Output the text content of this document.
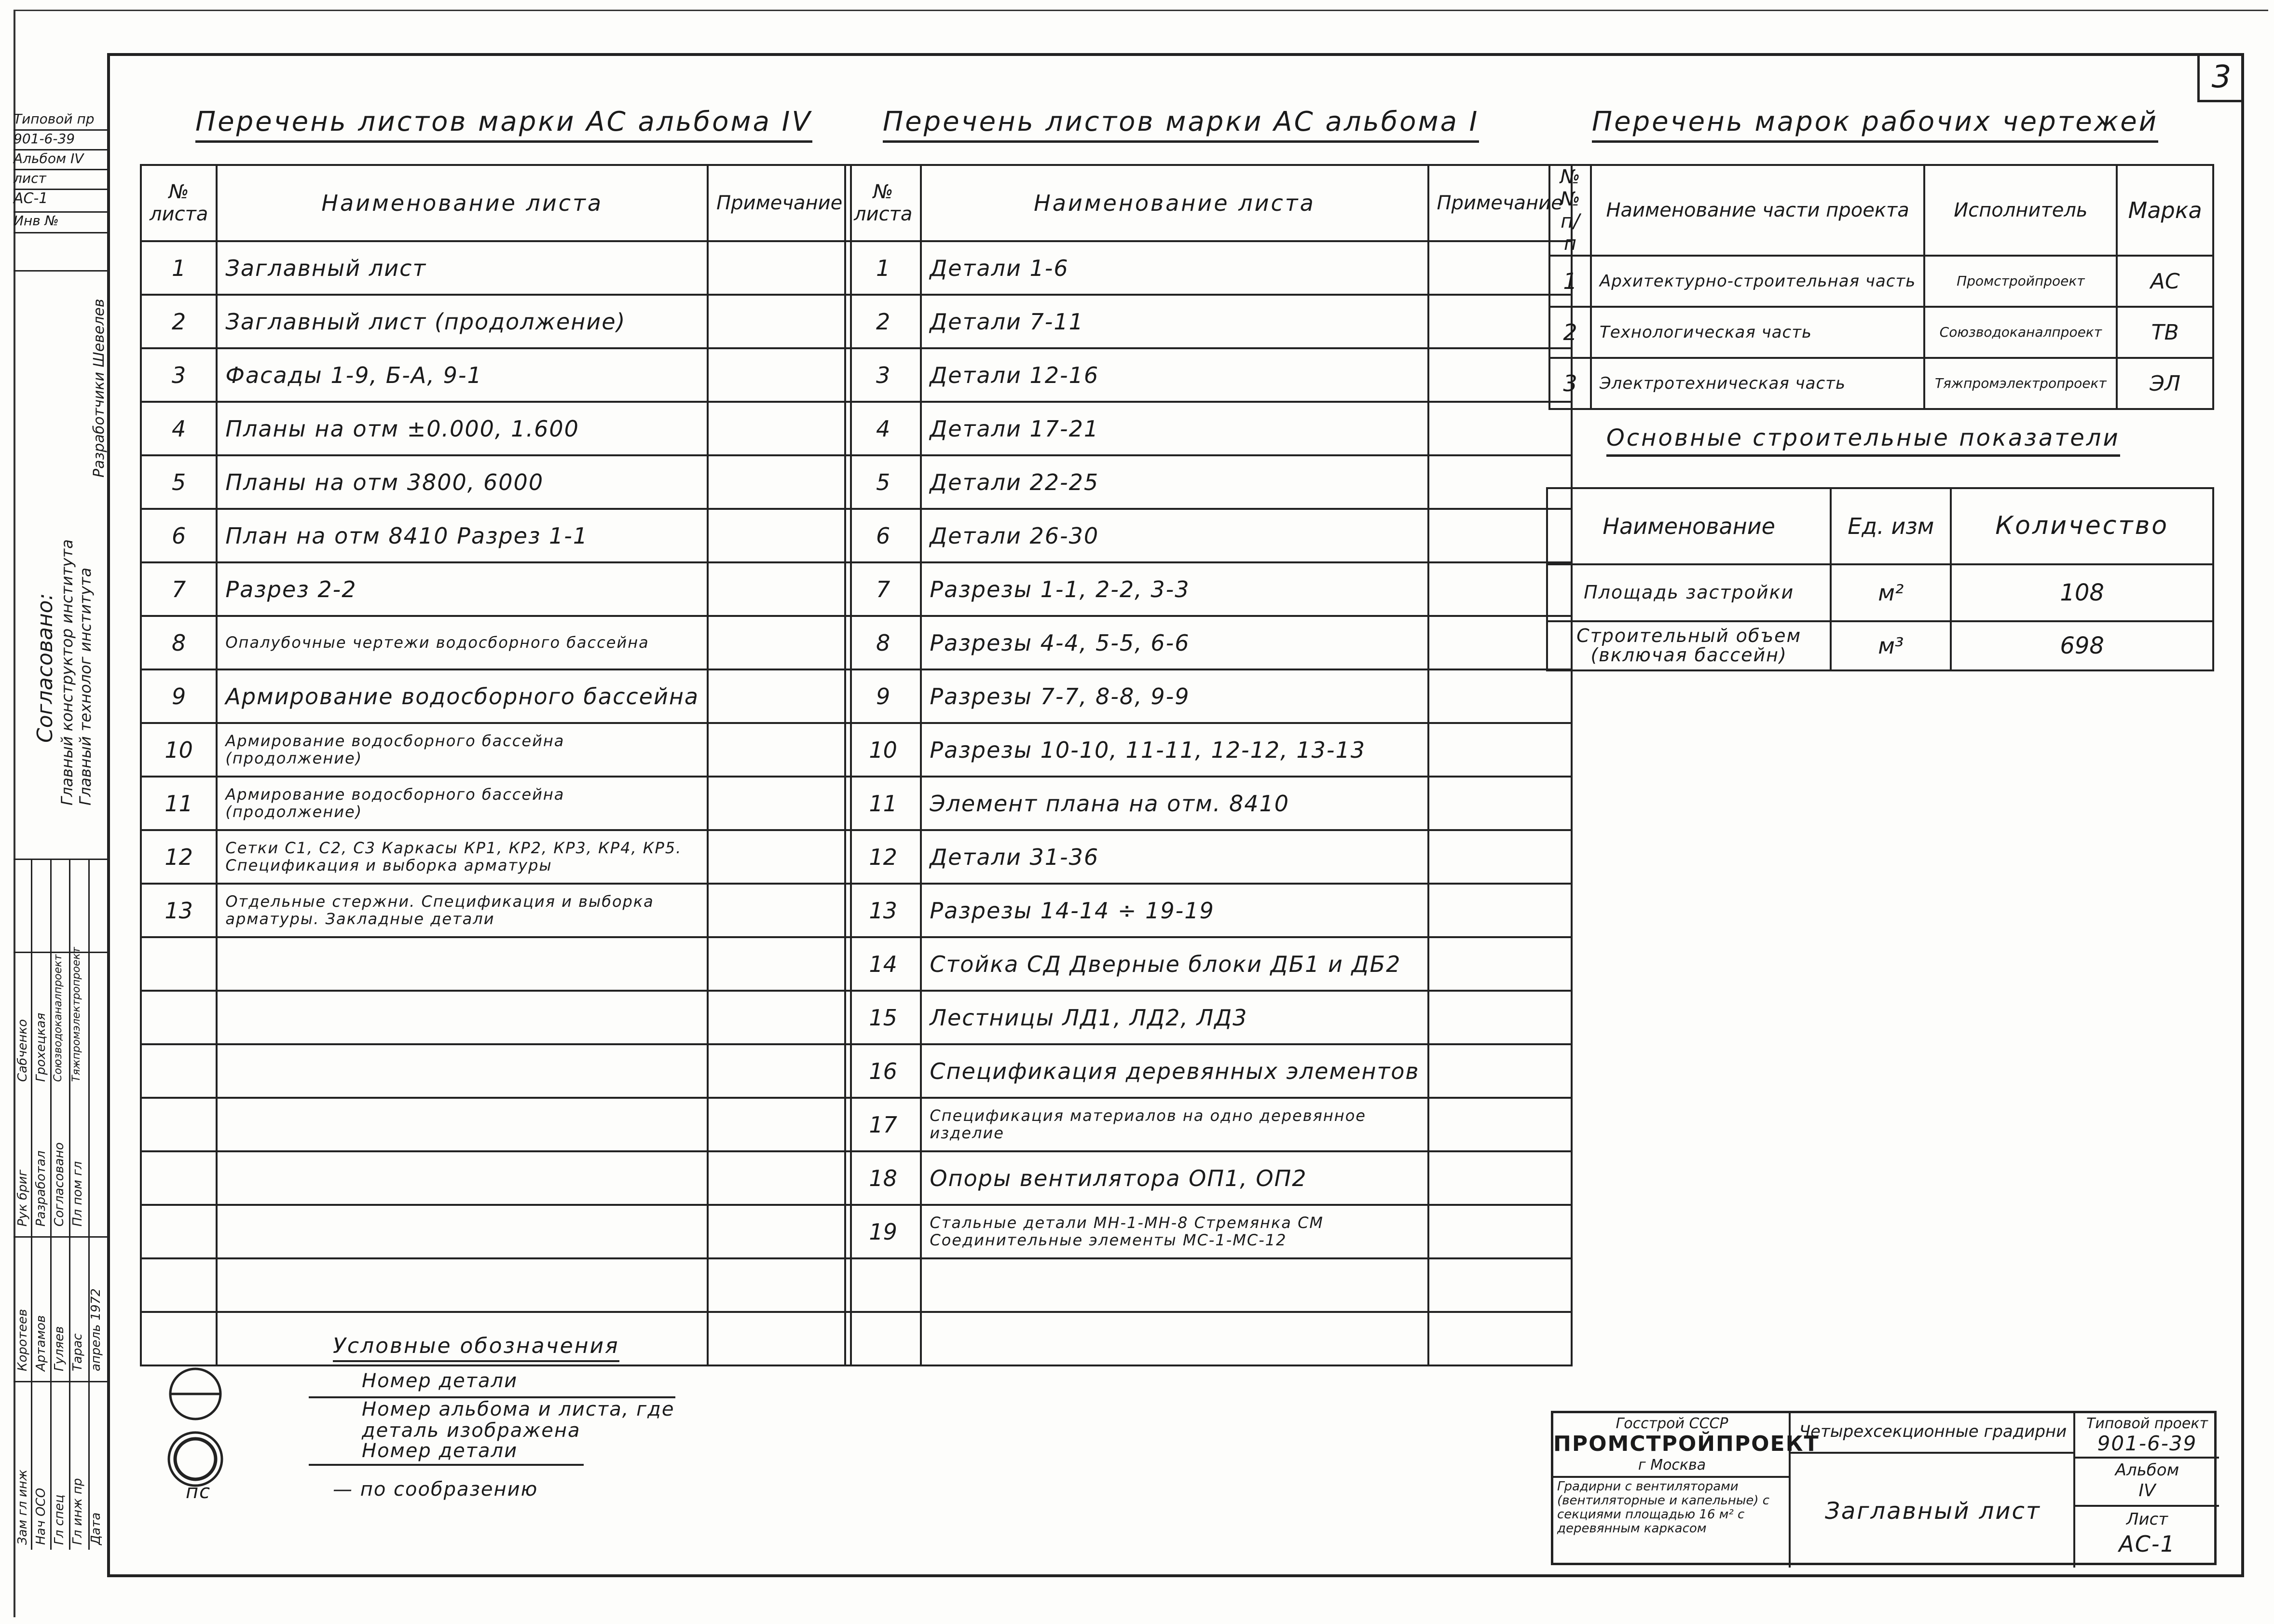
3
Типовой пр
901-6-39
Альбом IV
лист
АС-1
Инв №
Согласовано: Главный конструктор института Главный технолог института
Разработчики Шевелев
Зам гл инж
Коротеев
Нач ОСО
Артамов
Гл спец
Гуляев
Гл инж пр
Тарас
Дата
апрель 1972
Рук бриг
Сабченко
Разработал
Грохецкая
Согласовано
Союзводоканалпроект
Пл пом гл
Тяжпромэлектропроект
Перечень листов марки АС альбома IV	Перечень листов марки АС альбома I	Перечень марок рабочих чертежей
Основные строительные показатели
№ листа	Наименование листа	Примечание
1	Заглавный лист	
2	Заглавный лист (продолжение)	
3	Фасады 1-9, Б-А, 9-1	
4	Планы на отм ±0.000, 1.600	
5	Планы на отм 3800, 6000	
6	План на отм 8410 Разрез 1-1	
7	Разрез 2-2	
8	Опалубочные чертежи водосборного бассейна	
9	Армирование водосборного бассейна	
10	Армирование водосборного бассейна (продолжение)	
11	Армирование водосборного бассейна (продолжение)	
12	Сетки С1, С2, С3 Каркасы КР1, КР2, КР3, КР4, КР5. Спецификация и выборка арматуры	
13	Отдельные стержни. Спецификация и выборка арматуры. Закладные детали	

№ листа	Наименование листа	Примечание
1	Детали 1-6	
2	Детали 7-11	
3	Детали 12-16	
4	Детали 17-21	
5	Детали 22-25	
6	Детали 26-30	
7	Разрезы 1-1, 2-2, 3-3	
8	Разрезы 4-4, 5-5, 6-6	
9	Разрезы 7-7, 8-8, 9-9	
10	Разрезы 10-10, 11-11, 12-12, 13-13	
11	Элемент плана на отм. 8410	
12	Детали 31-36	
13	Разрезы 14-14 ÷ 19-19	
14	Стойка СД Дверные блоки ДБ1 и ДБ2	
15	Лестницы ЛД1, ЛД2, ЛД3	
16	Спецификация деревянных элементов	
17	Спецификация материалов на одно деревянное изделие	
18	Опоры вентилятора ОП1, ОП2	
19	Стальные детали МН-1-МН-8 Стремянка СМ Соединительные элементы МС-1-МС-12	

№№ п/п	Наименование части проекта	Исполнитель	Марка
1	Архитектурно-строительная часть	Промстройпроект	АС
2	Технологическая часть	Союзводоканалпроект	ТВ
3	Электротехническая часть	Тяжпромэлектропроект	ЭЛ
Наименование	Ед. изм	Количество
Площадь застройки	м²	108
Строительный объем (включая бассейн)	м³	698
Условные обозначения
пс
Номер детали
Номер альбома и листа, где деталь изображена
Номер детали
— по сообразению
Госстрой СССР
ПРОМСТРОЙПРОЕКТ
г Москва
Градирни с вентиляторами (вентиляторные и капельные) с секциями площадью 16 м² с деревянным каркасом
Четырехсекционные градирни
Заглавный лист
Типовой проект
901-6-39
Альбом
IV
Лист
АС-1
